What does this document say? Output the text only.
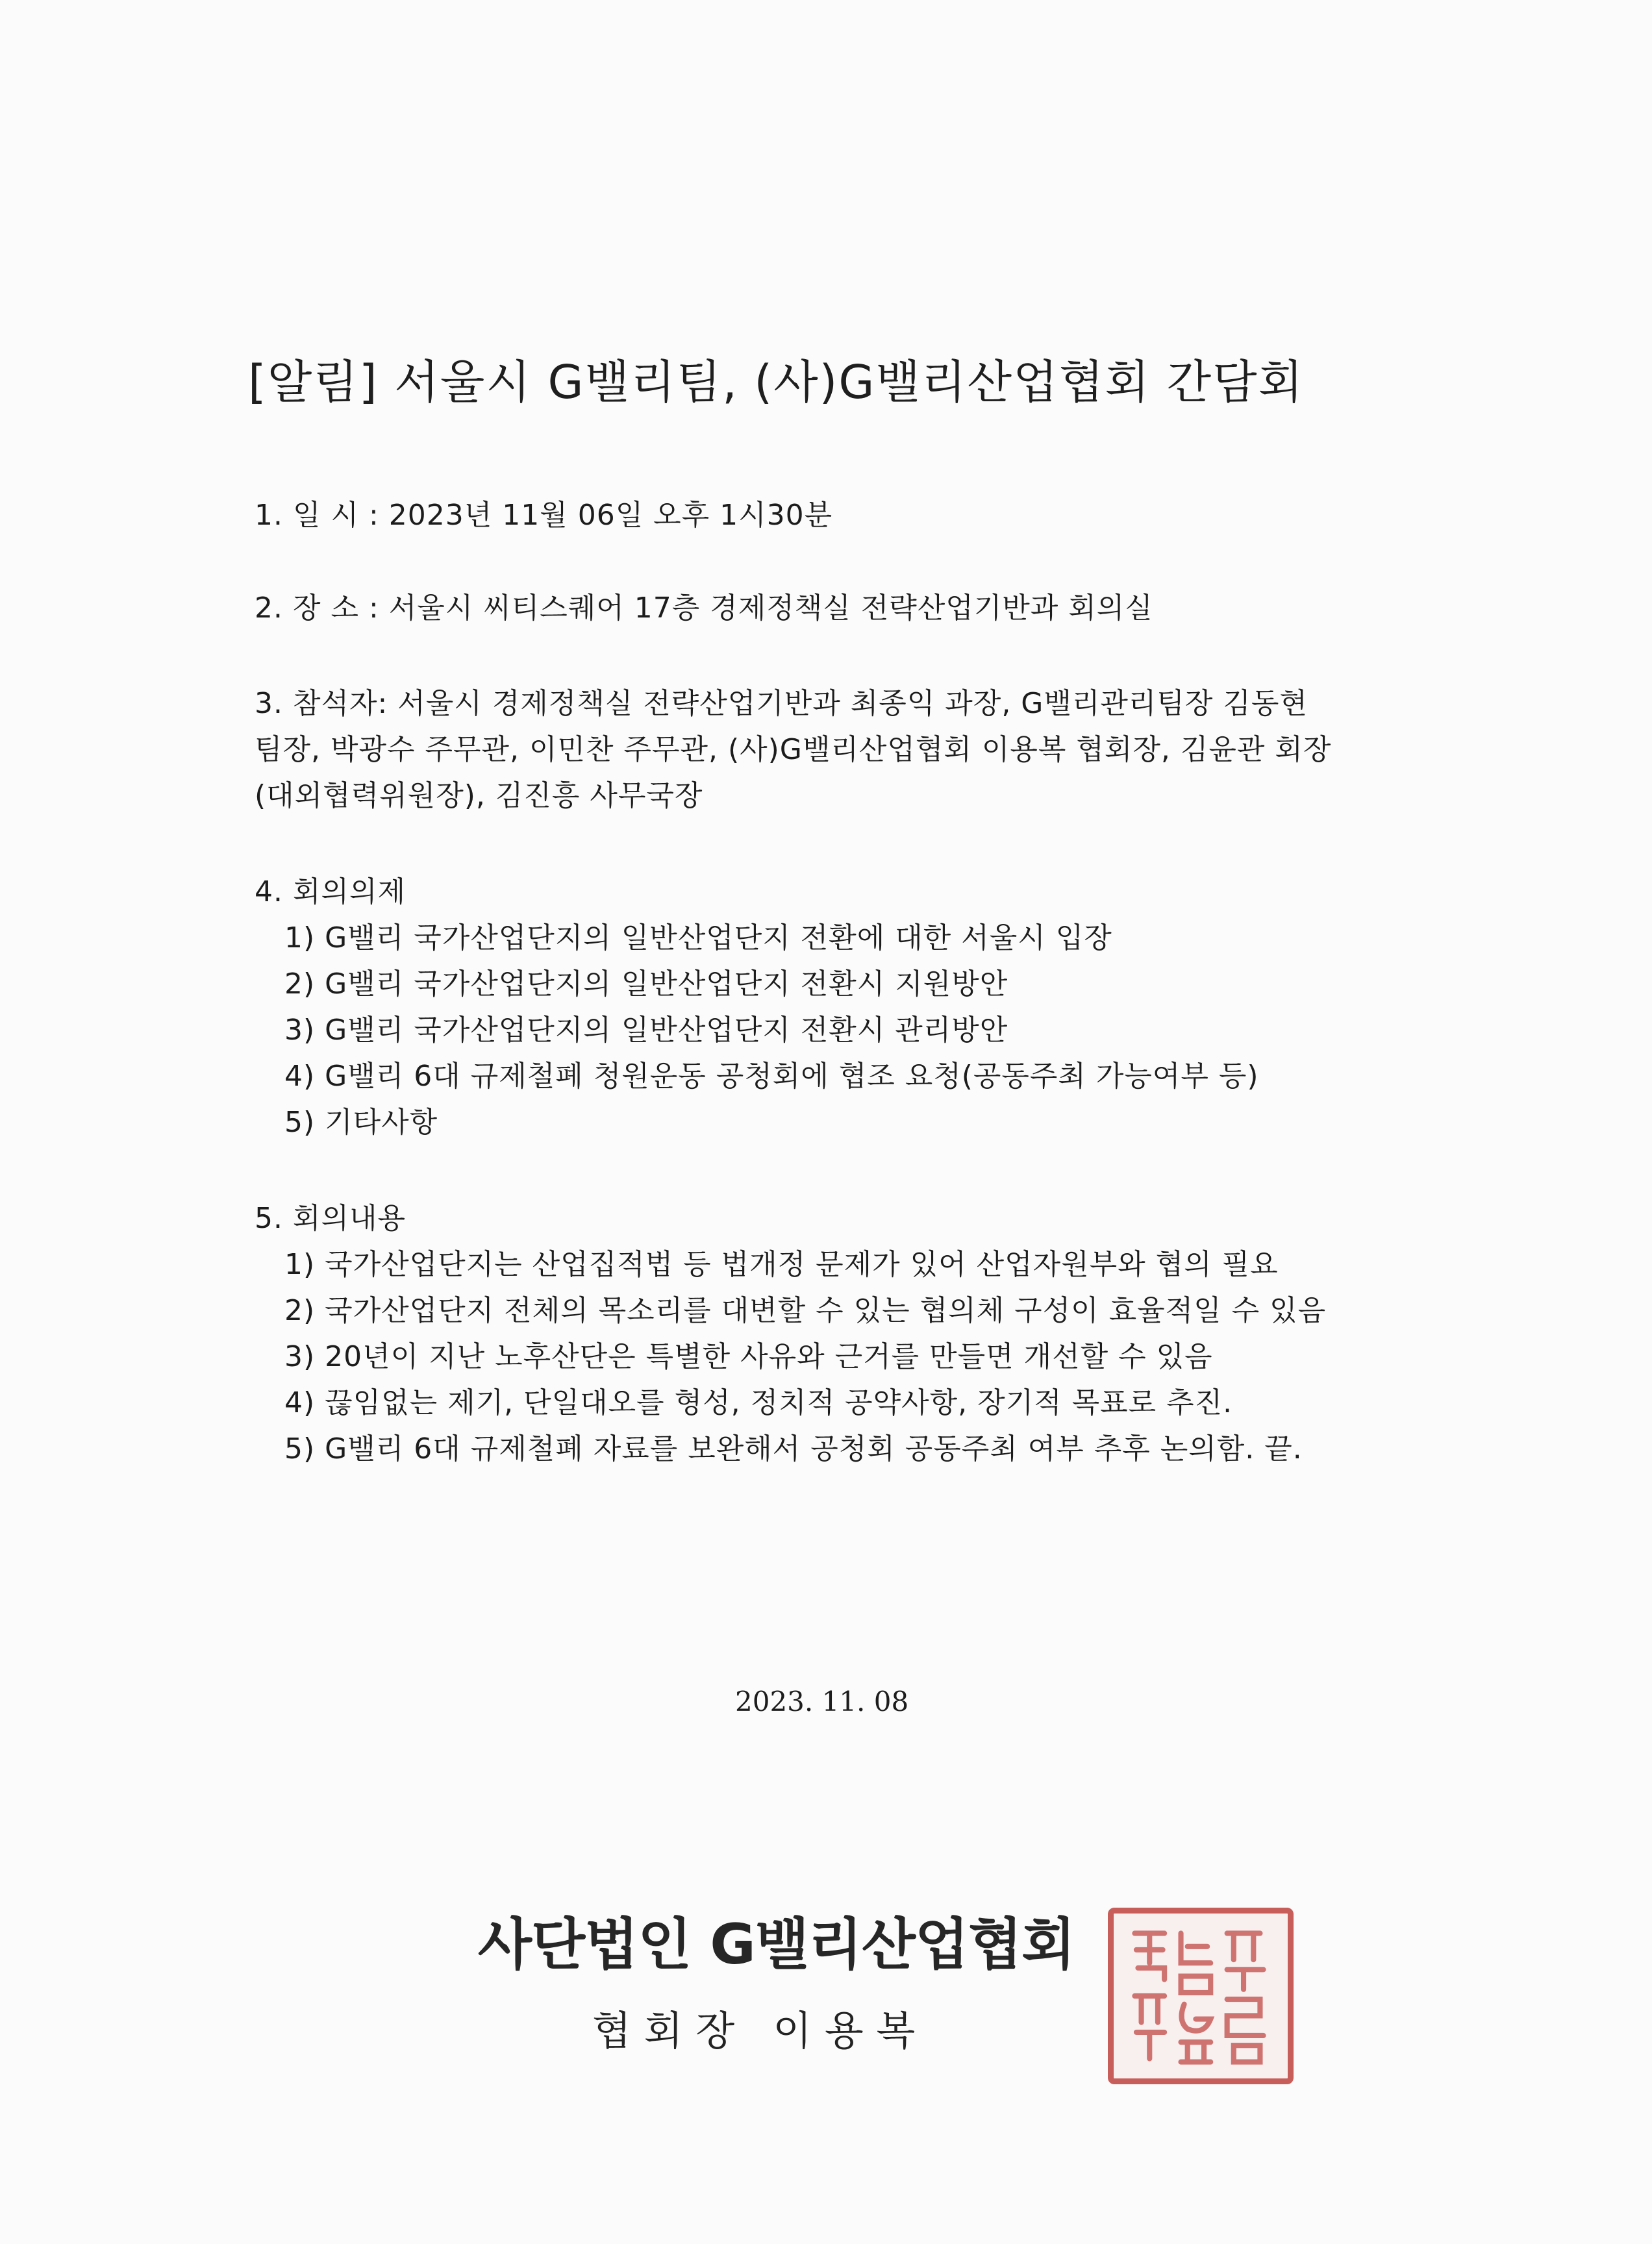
[알림] 서울시 G밸리팀, (사)G밸리산업협회 간담회

1. 일 시 : 2023년 11월 06일 오후 1시30분

2. 장 소 : 서울시 씨티스퀘어 17층 경제정책실 전략산업기반과 회의실

3. 참석자: 서울시 경제정책실 전략산업기반과 최종익 과장, G밸리관리팀장 김동현

팀장, 박광수 주무관, 이민찬 주무관, (사)G밸리산업협회 이용복 협회장, 김윤관 회장

(대외협력위원장), 김진흥 사무국장

4. 회의의제

1) G밸리 국가산업단지의 일반산업단지 전환에 대한 서울시 입장

2) G밸리 국가산업단지의 일반산업단지 전환시 지원방안

3) G밸리 국가산업단지의 일반산업단지 전환시 관리방안

4) G밸리 6대 규제철폐 청원운동 공청회에 협조 요청(공동주최 가능여부 등)

5) 기타사항

5. 회의내용

1) 국가산업단지는 산업집적법 등 법개정 문제가 있어 산업자원부와 협의 필요

2) 국가산업단지 전체의 목소리를 대변할 수 있는 협의체 구성이 효율적일 수 있음

3) 20년이 지난 노후산단은 특별한 사유와 근거를 만들면 개선할 수 있음

4) 끊임없는 제기, 단일대오를 형성, 정치적 공약사항, 장기적 목표로 추진.

5) G밸리 6대 규제철폐 자료를 보완해서 공청회 공동주최 여부 추후 논의함. 끝.

2023. 11. 08

사단법인 G밸리산업협회

협 회 장   이 용 복
